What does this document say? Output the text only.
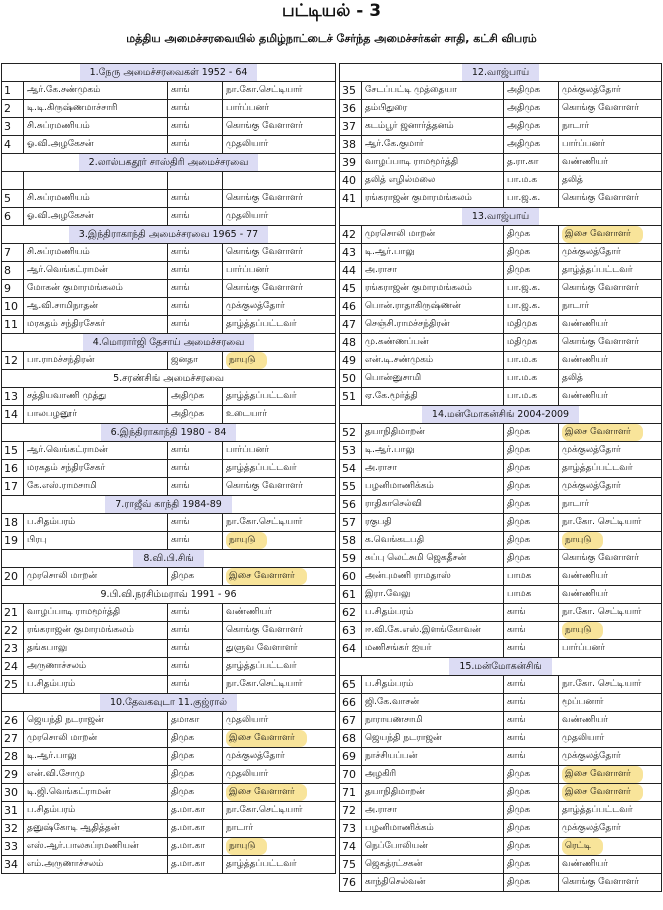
பட்டியல் - 3
மத்திய அமைச்சரவையில் தமிழ்நாட்டைச் சேர்ந்த அமைச்சர்கள் சாதி, கட்சி விபரம்
1.நேரு அமைச்சரவைகள் 1952 - 64			
1	ஆர்.கே.சண்முகம்	காங்	நா.கோ.செட்டியார்
2	டி.டி.கிருஷ்ணமாச்சாரி	காங்	பார்ப்பனர்
3	சி.சுப்ரமணியம்	காங்	கொங்கு வேளாளர்
4	ஓ.வி.அழகேசன்	காங்	முதலியார்
2.லால்பகதூர் சாஸ்திரி அமைச்சரவை			

5	சி.சுப்ரமணியம்	காங்	கொங்கு வேளாளர்
6	ஓ.வி.அழகேசன்	காங்	முதலியார்
3.இந்திராகாந்தி அமைச்சரவை 1965 - 77			
7	சி.சுப்ரமணியம்	காங்	கொங்கு வேளாளர்
8	ஆர்.வெங்கட்ராமன்	காங்	பார்ப்பனர்
9	மோகன் குமாரமங்கலம்	காங்	கொங்கு வேளாளர்
10	ஆ.வி.சாமிநாதன்	காங்	முக்குலத்தோர்
11	மரகதம் சந்திரசேகர்	காங்	தாழ்த்தப்பட்டவர்
4.மொரார்ஜி தேசாய் அமைச்சரவை			
12	பா.ராமச்சந்திரன்	ஜனதா	நாயுடு
5.சரண்சிங் அமைச்சரவை			
13	சத்தியவாணி முத்து	அதிமுக	தாழ்த்தப்பட்டவர்
14	பாலபழனூர்	அதிமுக	உடையார்
6.இந்திராகாந்தி 1980 - 84			
15	ஆர்.வெங்கட்ராமன்	காங்	பார்ப்பனர்
16	மரகதம் சந்திரசேகர்	காங்	தாழ்த்தப்பட்டவர்
17	கே.எஸ்.ராமசாமி	காங்	கொங்கு வேளாளர்
7.ராஜீவ் காந்தி 1984-89			
18	ப.சிதம்பரம்	காங்	நா.கோ.செட்டியார்
19	பிரபு	காங்	நாயுடு
8.வி.பி.சிங்			
20	முரசொலி மாறன்	திமுக	இசை வேளாளர்
9.பி.வி.நரசிம்மராவ் 1991 - 96			
21	வாழப்பாடி ராமமூர்த்தி	காங்	வண்ணியர்
22	ரங்கராஜன் குமாரமங்கலம்	காங்	கொங்கு வேளாளர்
23	தங்கபாலு	காங்	துளுவ வேளாளர்
24	அருணாச்சலம்	காங்	தாழ்த்தப்பட்டவர்
25	ப.சிதம்பரம்	காங்	நா.கோ.செட்டியார்
10.தேவகவுடா 11.குஜ்ரால்			
26	ஜெயந்தி நடராஜன்	தமாகா	முதலியார்
27	முரசொலி மாறன்	திமுக	இசை வேளாளர்
28	டி.ஆர்.பாலு	திமுக	முக்குலத்தோர்
29	என்.வி.சோமு	திமுக	முதலியார்
30	டி.ஜி.வெங்கட்ராமன்	திமுக	இசை வேளாளர்
31	ப.சிதம்பரம்	த.மா.கா	நா.கோ.செட்டியார்
32	தனுஷ்கோடி ஆதித்தன்	த.மா.கா	நாடார்
33	எஸ்.ஆர்.பாலசுப்ரமணியன்	த.மா.கா	நாயுடு
34	எம்.அருணாச்சலம்	த.மா.கா	தாழ்த்தப்பட்டவர்
12.வாஜ்பாய்			
35	சேடப்பட்டி முத்தையா	அதிமுக	முக்குலத்தோர்
36	தம்பிதுரை	அதிமுக	கொங்கு வேளாளர்
37	கடம்பூர் ஜனார்த்தனம்	அதிமுக	நாடார்
38	ஆர்.கே.குமார்	அதிமுக	பார்ப்பனர்
39	வாழப்பாடி ராமமூர்த்தி	த.ரா.கா	வண்ணியர்
40	தலித் எழில்மலை	பா.ம.க	தலித்
41	ரங்கராஜன் குமாரமங்கலம்	பா.ஜ.க.	கொங்கு வேளாளர்
13.வாஜ்பாய்			
42	முரசொலி மாறன்	திமுக	இசை வேளாளர்
43	டி.ஆர்.பாலு	திமுக	முக்குலத்தோர்
44	அ.ராசா	திமுக	தாழ்த்தப்பட்டவர்
45	ரங்கராஜன் குமாரமங்கலம்	பா.ஜ.க.	கொங்கு வேளாளர்
46	பொன்.ராதாகிருஷ்ணன்	பா.ஜ.க.	நாடார்
47	செஞ்சி.ராமச்சந்திரன்	மதிமுக	வண்ணியர்
48	மு.கண்ணப்பன்	மதிமுக	கொங்கு வேளாளர்
49	என்.டி.சண்முகம்	பா.ம.க	வண்ணியர்
50	பொன்னுசாமி	பா.ம.க	தலித்
51	ஏ.கே.மூர்த்தி	பா.ம.க	வண்ணியர்
14.மன்மோகன்சிங் 2004-2009			
52	தயாநிதிமாறன்	திமுக	இசை வேளாளர்
53	டி.ஆர்.பாலு	திமுக	முக்குலத்தோர்
54	அ.ராசா	திமுக	தாழ்த்தப்பட்டவர்
55	பழனிமாணிக்கம்	திமுக	முக்குலத்தோர்
56	ராதிகாசெல்வி	திமுக	நாடார்
57	ரகுபதி	திமுக	நா.கோ. செட்டியார்
58	க.வெங்கடபதி	திமுக	நாயுடு
59	சுப்பு லெட்சுமி ஜெகதீசன்	திமுக	கொங்கு வேளாளர்
60	அன்புமணி ராமதாஸ்	பாமக	வண்ணியர்
61	இரா.வேலு	பாமக	வண்ணியர்
62	ப.சிதம்பரம்	காங்	நா.கோ. செட்டியார்
63	ஈ.வி.கே.எஸ்.இளங்கோவன்	காங்	நாயுடு
64	மணிசங்கர் ஐயர்	காங்	பார்ப்பனர்
15.மன்மோகன்சிங்			
65	ப.சிதம்பரம்	காங்	நா.கோ. செட்டியார்
66	ஜி.கே.வாசன்	காங்	மூப்பனார்
67	நாராயணசாமி	காங்	வண்ணியர்
68	ஜெயந்தி நடராஜன்	காங்	முதலியார்
69	நாச்சியப்பன்	காங்	முக்குலத்தோர்
70	அழகிரி	திமுக	இசை வேளாளர்
71	தயாநிதிமாறன்	திமுக	இசை வேளாளர்
72	அ.ராசா	திமுக	தாழ்த்தப்பட்டவர்
73	பழனிமாணிக்கம்	திமுக	முக்குலத்தோர்
74	நெப்போலியன்	திமுக	ரெட்டி
75	ஜெகத்ரட்சகன்	திமுக	வண்ணியர்
76	காந்திசெல்வன்	திமுக	கொங்கு வேளாளர்
